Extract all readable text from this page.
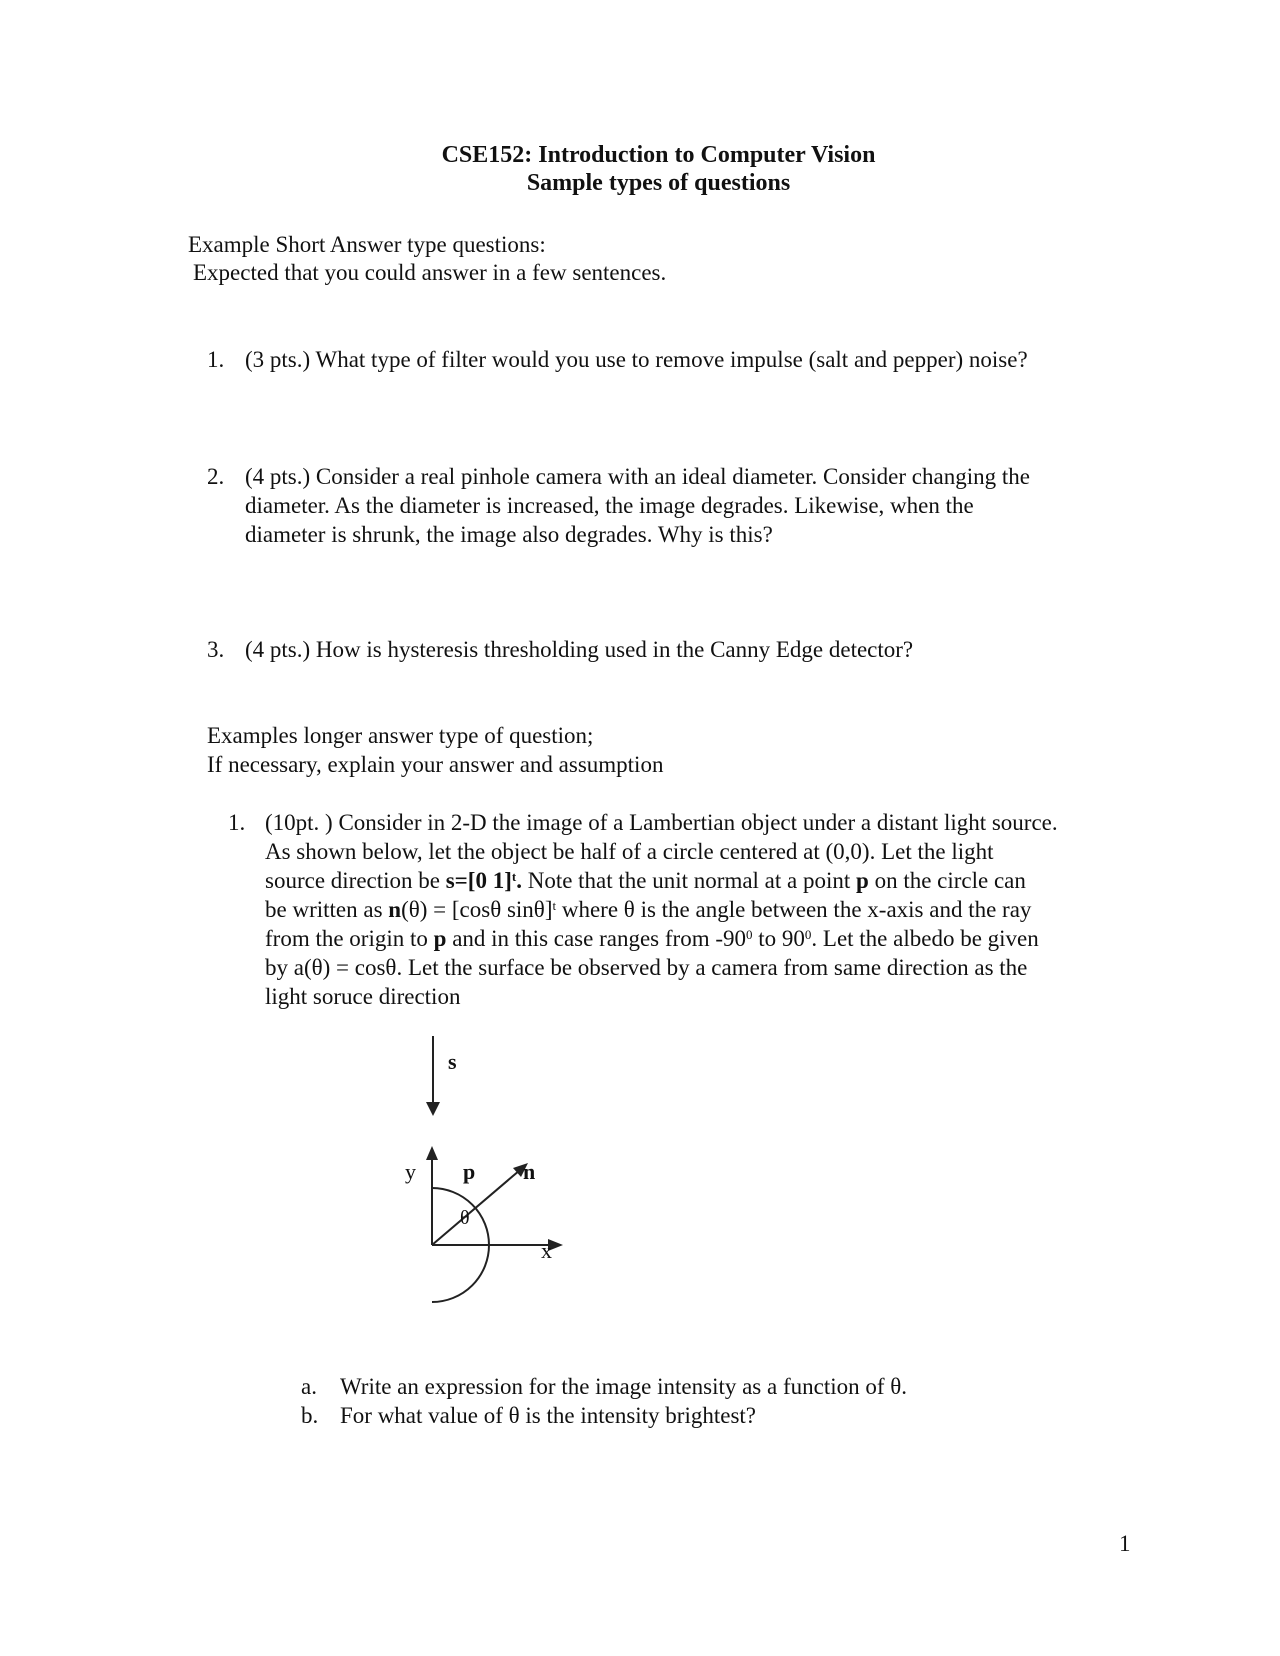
CSE152: Introduction to Computer Vision
Sample types of questions
Example Short Answer type questions:
Expected that you could answer in a few sentences.
1. (3 pts.) What type of filter would you use to remove impulse (salt and pepper) noise?
2. (4 pts.) Consider a real pinhole camera with an ideal diameter. Consider changing the
diameter. As the diameter is increased, the image degrades. Likewise, when the
diameter is shrunk, the image also degrades. Why is this?
3. (4 pts.) How is hysteresis thresholding used in the Canny Edge detector?
Examples longer answer type of question;
If necessary, explain your answer and assumption
1. (10pt. ) Consider in 2-D the image of a Lambertian object under a distant light source.
As shown below, let the object be half of a circle centered at (0,0). Let the light
source direction be s=[0 1]$^t$. Note that the unit normal at a point p on the circle can
be written as n(θ) = [cosθ sinθ]$^t$ where θ is the angle between the x-axis and the ray
from the origin to p and in this case ranges from $-90^0$ to $90^0$. Let the albedo be given
by a(θ) = cosθ. Let the surface be observed by a camera from same direction as the
light soruce direction
s
y p n
θ
x
a. Write an expression for the image intensity as a function of θ.
b. For what value of θ is the intensity brightest?
1
